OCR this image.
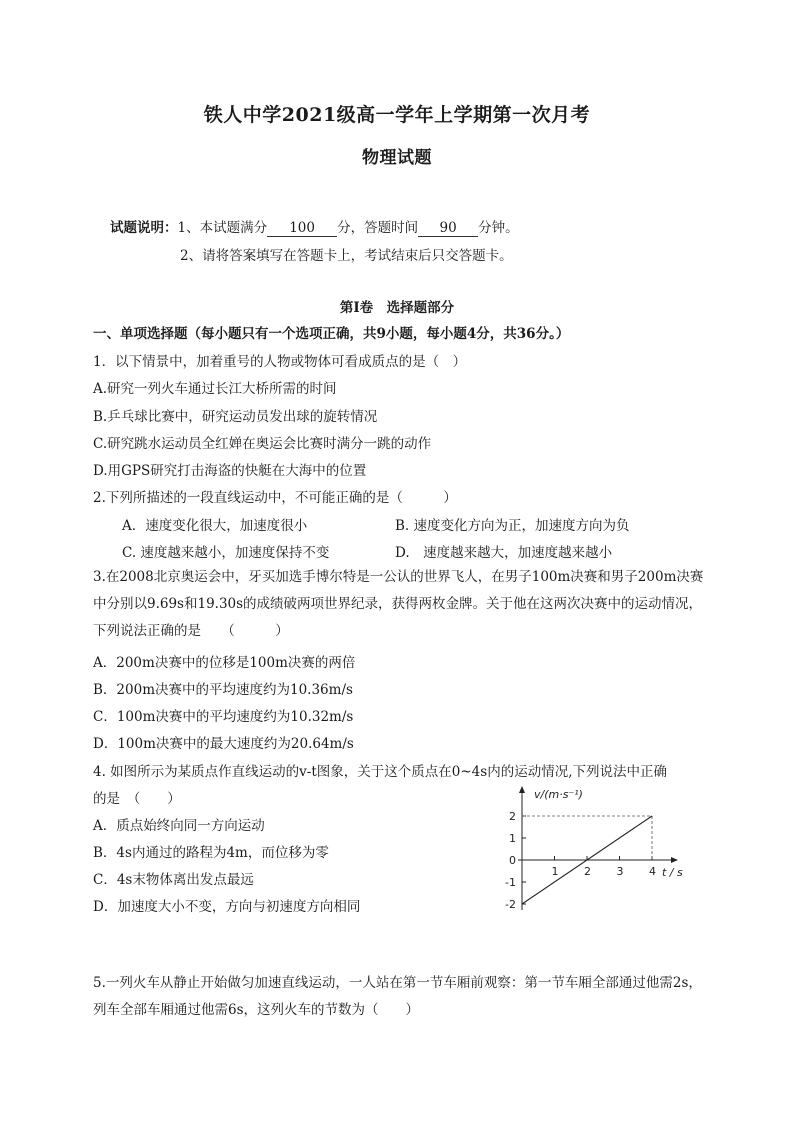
铁人中学2021级高一学年上学期第一次月考
物理试题
试题说明：1、本试题满分 100 分，答题时间 90 分钟。
2、请将答案填写在答题卡上，考试结束后只交答题卡。
第Ⅰ卷　选择题部分
一、单项选择题（每小题只有一个选项正确，共9小题，每小题4分，共36分。）
1．以下情景中，加着重号的人物或物体可看成质点的是（　）
A.研究一列火车通过长江大桥所需的时间
B.乒乓球比赛中，研究运动员发出球的旋转情况
C.研究跳水运动员全红婵在奥运会比赛时满分一跳的动作
D.用GPS研究打击海盗的快艇在大海中的位置
2.下列所描述的一段直线运动中，不可能正确的是（　　　）
A．速度变化很大，加速度很小	B. 速度变化方向为正，加速度方向为负
C. 速度越来越小，加速度保持不变	D.　速度越来越大，加速度越来越小
3.在2008北京奥运会中，牙买加选手博尔特是一公认的世界飞人，在男子100m决赛和男子200m决赛中分别以9.69s和19.30s的成绩破两项世界纪录，获得两枚金牌。关于他在这两次决赛中的运动情况，下列说法正确的是　　（　　　）
A．200m决赛中的位移是100m决赛的两倍
B．200m决赛中的平均速度约为10.36m/s
C．100m决赛中的平均速度约为10.32m/s
D．100m决赛中的最大速度约为20.64m/s
4. 如图所示为某质点作直线运动的v-t图象，关于这个质点在0~4s内的运动情况,下列说法中正确
的是　（　　）
A．质点始终向同一方向运动
B．4s内通过的路程为4m，而位移为零
C．4s末物体离出发点最远
D．加速度大小不变，方向与初速度方向相同
v/(m·s⁻¹)
t / s
1 2 3 4
2
1
0
-1
-2
5.一列火车从静止开始做匀加速直线运动，一人站在第一节车厢前观察：第一节车厢全部通过他需2s，列车全部车厢通过他需6s，这列火车的节数为（　　）
